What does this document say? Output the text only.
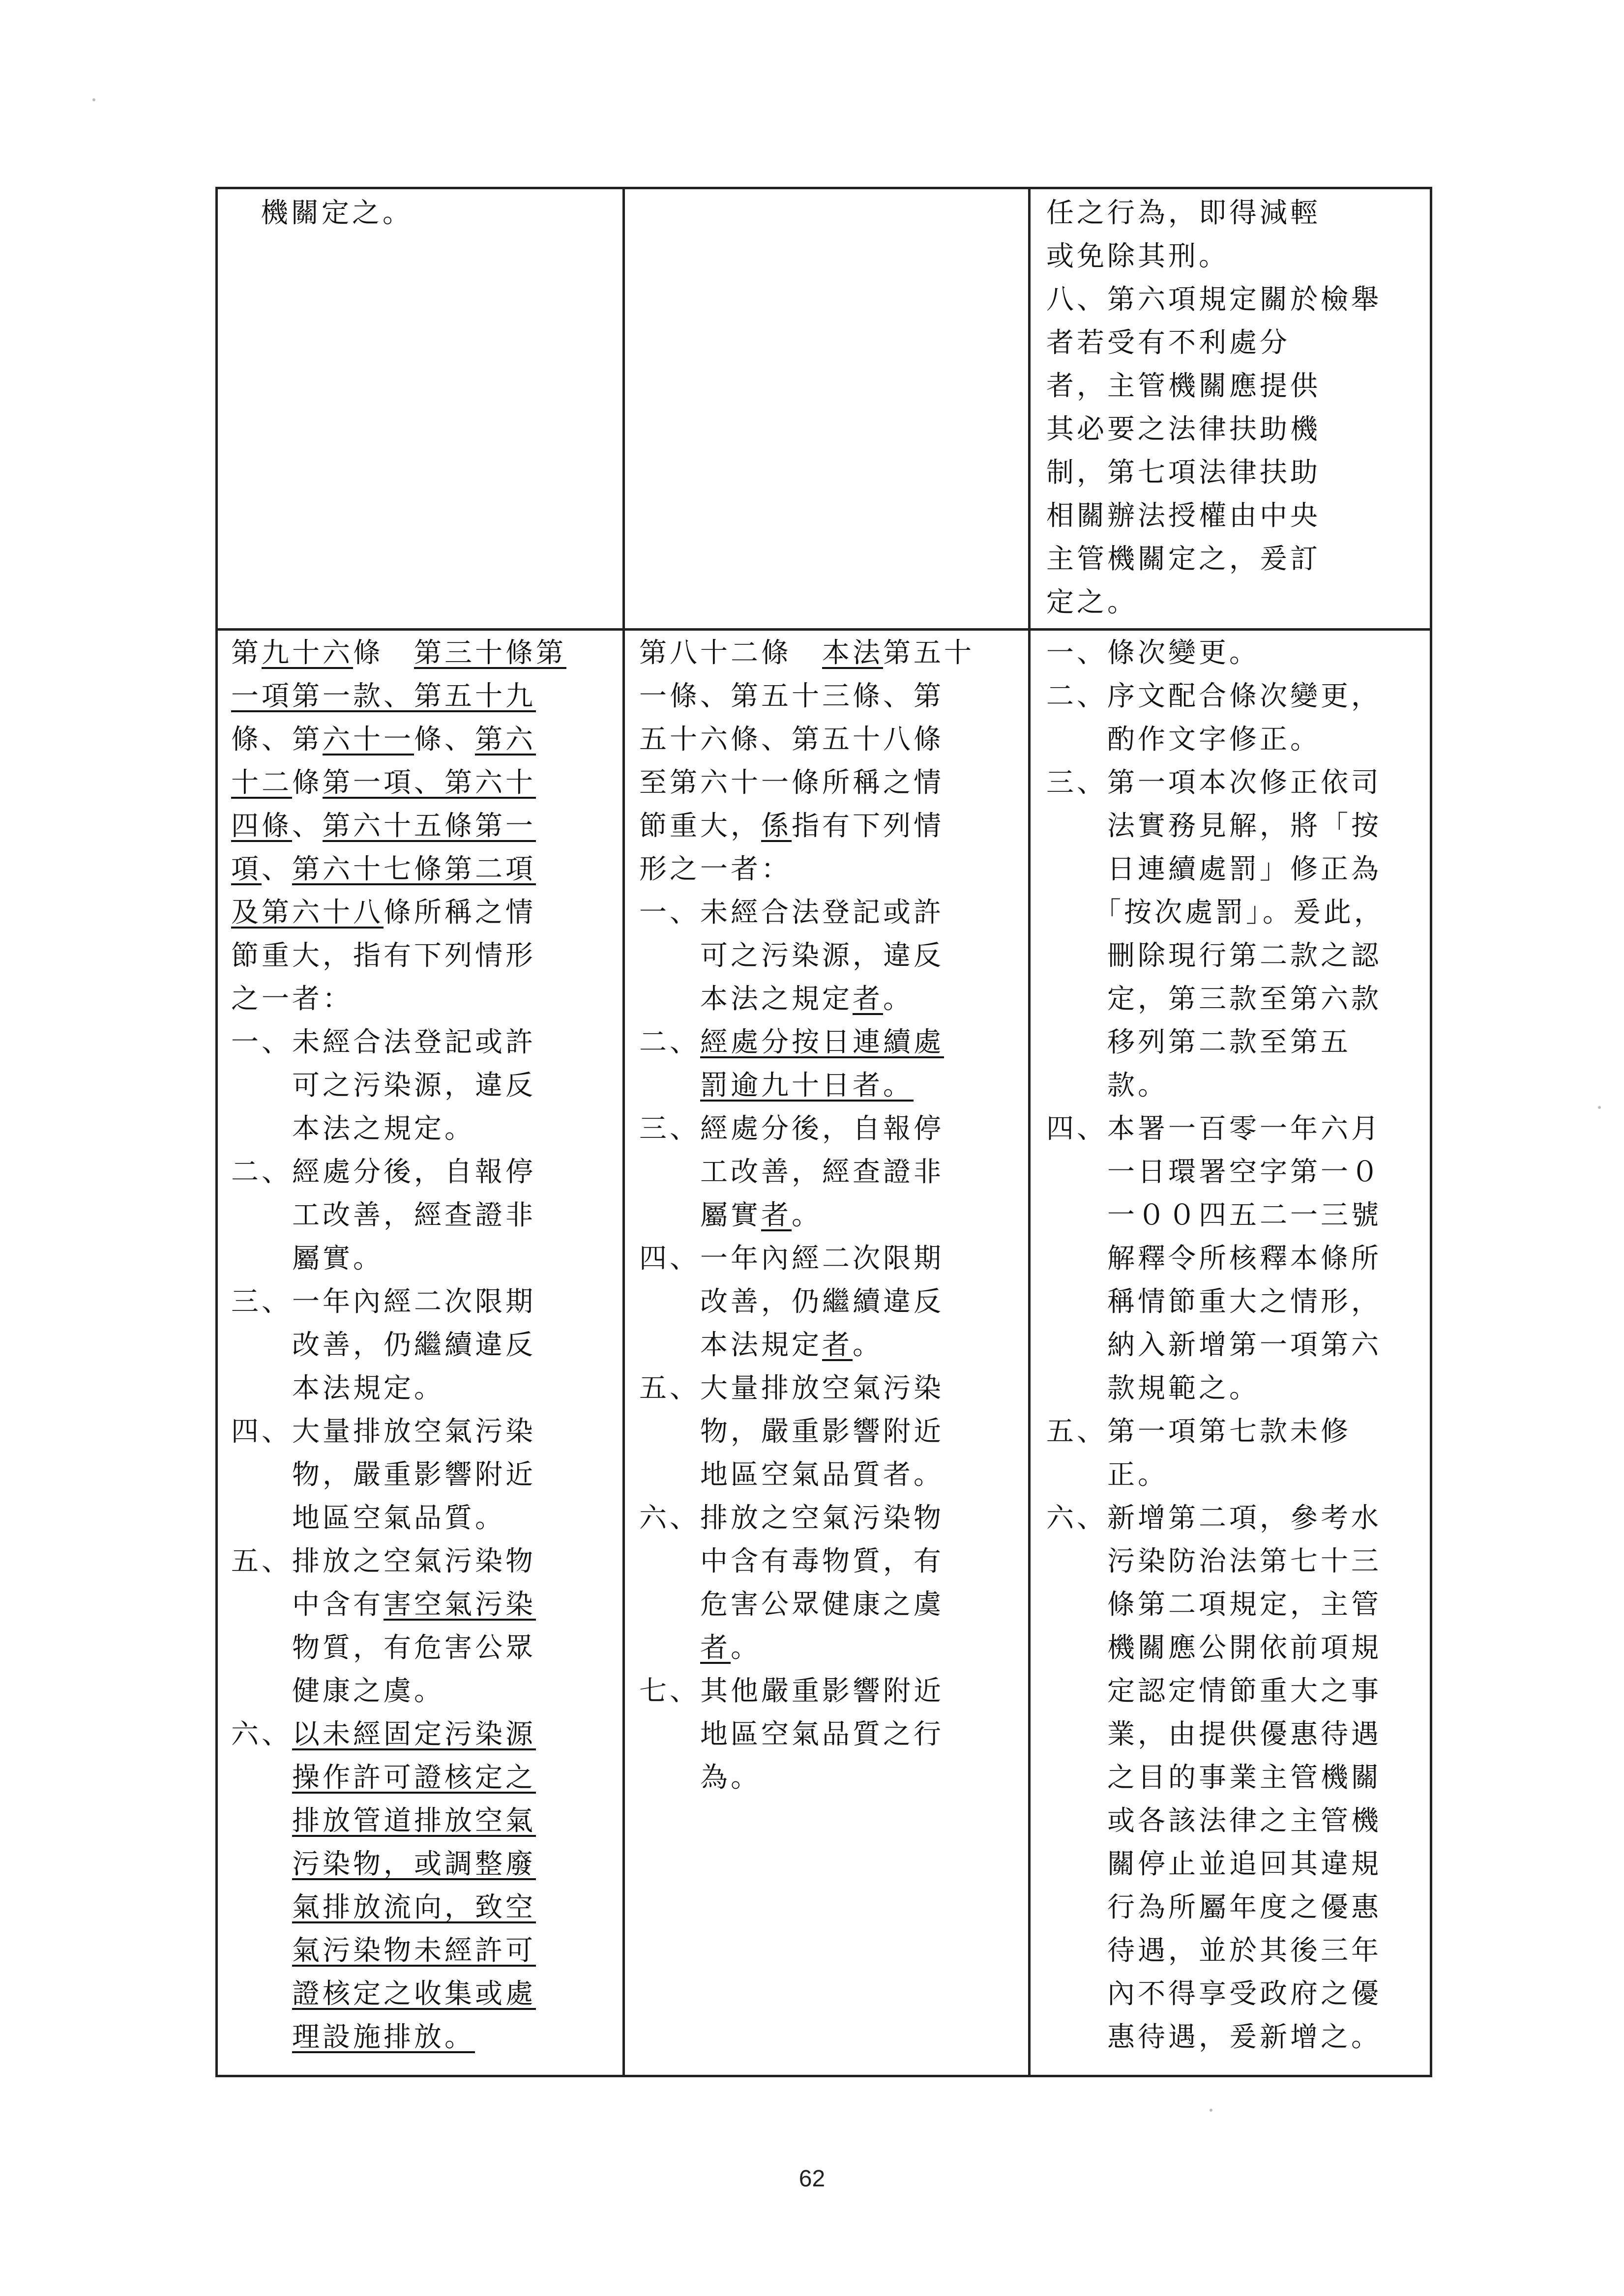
機關定之。	任之行為，即得減輕
或免除其刑。
八、第六項規定關於檢舉
者若受有不利處分
者，主管機關應提供
其必要之法律扶助機
制，第七項法律扶助
相關辦法授權由中央
主管機關定之，爰訂
定之。
第九十六條　第三十條第
一項第一款、第五十九
條、第六十一條、第六
十二條第一項、第六十
四條、第六十五條第一
項、第六十七條第二項
及第六十八條所稱之情
節重大，指有下列情形
之一者：
一、未經合法登記或許
　　可之污染源，違反
　　本法之規定。
二、經處分後，自報停
　　工改善，經查證非
　　屬實。
三、一年內經二次限期
　　改善，仍繼續違反
　　本法規定。
四、大量排放空氣污染
　　物，嚴重影響附近
　　地區空氣品質。
五、排放之空氣污染物
　　中含有害空氣污染
　　物質，有危害公眾
　　健康之虞。
六、以未經固定污染源
　　操作許可證核定之
　　排放管道排放空氣
　　污染物，或調整廢
　　氣排放流向，致空
　　氣污染物未經許可
　　證核定之收集或處
　　理設施排放。
第八十二條　本法第五十
一條、第五十三條、第
五十六條、第五十八條
至第六十一條所稱之情
節重大，係指有下列情
形之一者：
一、未經合法登記或許
　　可之污染源，違反
　　本法之規定者。
二、經處分按日連續處
　　罰逾九十日者。
三、經處分後，自報停
　　工改善，經查證非
　　屬實者。
四、一年內經二次限期
　　改善，仍繼續違反
　　本法規定者。
五、大量排放空氣污染
　　物，嚴重影響附近
　　地區空氣品質者。
六、排放之空氣污染物
　　中含有毒物質，有
　　危害公眾健康之虞
　　者。
七、其他嚴重影響附近
　　地區空氣品質之行
　　為。
一、條次變更。
二、序文配合條次變更，
　　酌作文字修正。
三、第一項本次修正依司
　　法實務見解，將「按
　　日連續處罰」修正為
　　「按次處罰」。爰此，
　　刪除現行第二款之認
　　定，第三款至第六款
　　移列第二款至第五
　　款。
四、本署一百零一年六月
　　一日環署空字第一０
　　一００四五二一三號
　　解釋令所核釋本條所
　　稱情節重大之情形，
　　納入新增第一項第六
　　款規範之。
五、第一項第七款未修
　　正。
六、新增第二項，參考水
　　污染防治法第七十三
　　條第二項規定，主管
　　機關應公開依前項規
　　定認定情節重大之事
　　業，由提供優惠待遇
　　之目的事業主管機關
　　或各該法律之主管機
　　關停止並追回其違規
　　行為所屬年度之優惠
　　待遇，並於其後三年
　　內不得享受政府之優
　　惠待遇，爰新增之。
62
